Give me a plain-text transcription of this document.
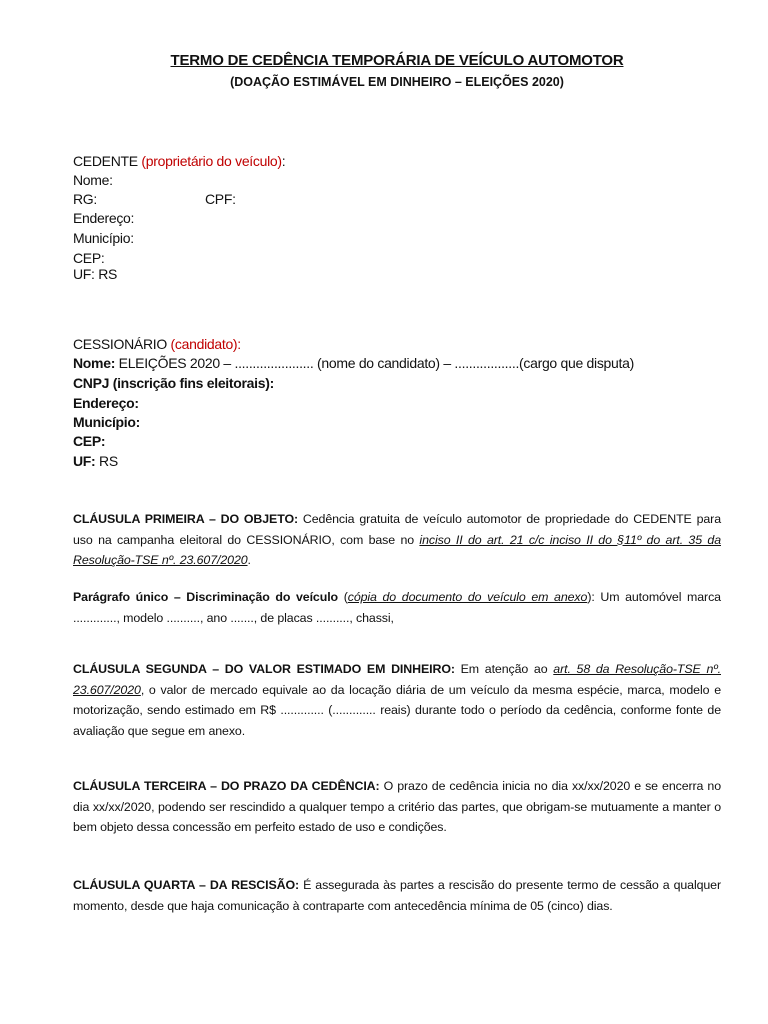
TERMO DE CEDÊNCIA TEMPORÁRIA DE VEÍCULO AUTOMOTOR
(DOAÇÃO ESTIMÁVEL EM DINHEIRO – ELEIÇÕES 2020)
CEDENTE (proprietário do veículo):
Nome:
RG:	CPF:
Endereço:
Município:
CEP:
UF: RS
CESSIONÁRIO (candidato):
Nome: ELEIÇÕES 2020 – ...................... (nome do candidato) – ..................(cargo que disputa)
CNPJ (inscrição fins eleitorais):
Endereço:
Município:
CEP:
UF: RS
CLÁUSULA PRIMEIRA – DO OBJETO: Cedência gratuita de veículo automotor de propriedade do CEDENTE para uso na campanha eleitoral do CESSIONÁRIO, com base no inciso II do art. 21 c/c inciso II do §11º do art. 35 da Resolução-TSE nº. 23.607/2020.
Parágrafo único – Discriminação do veículo (cópia do documento do veículo em anexo): Um automóvel marca ............., modelo .........., ano ......., de placas .........., chassi,
CLÁUSULA SEGUNDA – DO VALOR ESTIMADO EM DINHEIRO: Em atenção ao art. 58 da Resolução-TSE nº. 23.607/2020, o valor de mercado equivale ao da locação diária de um veículo da mesma espécie, marca, modelo e motorização, sendo estimado em R$ ............. (............. reais) durante todo o período da cedência, conforme fonte de avaliação que segue em anexo.
CLÁUSULA TERCEIRA – DO PRAZO DA CEDÊNCIA: O prazo de cedência inicia no dia xx/xx/2020 e se encerra no dia xx/xx/2020, podendo ser rescindido a qualquer tempo a critério das partes, que obrigam-se mutuamente a manter o bem objeto dessa concessão em perfeito estado de uso e condições.
CLÁUSULA QUARTA – DA RESCISÃO: É assegurada às partes a rescisão do presente termo de cessão a qualquer momento, desde que haja comunicação à contraparte com antecedência mínima de 05 (cinco) dias.
